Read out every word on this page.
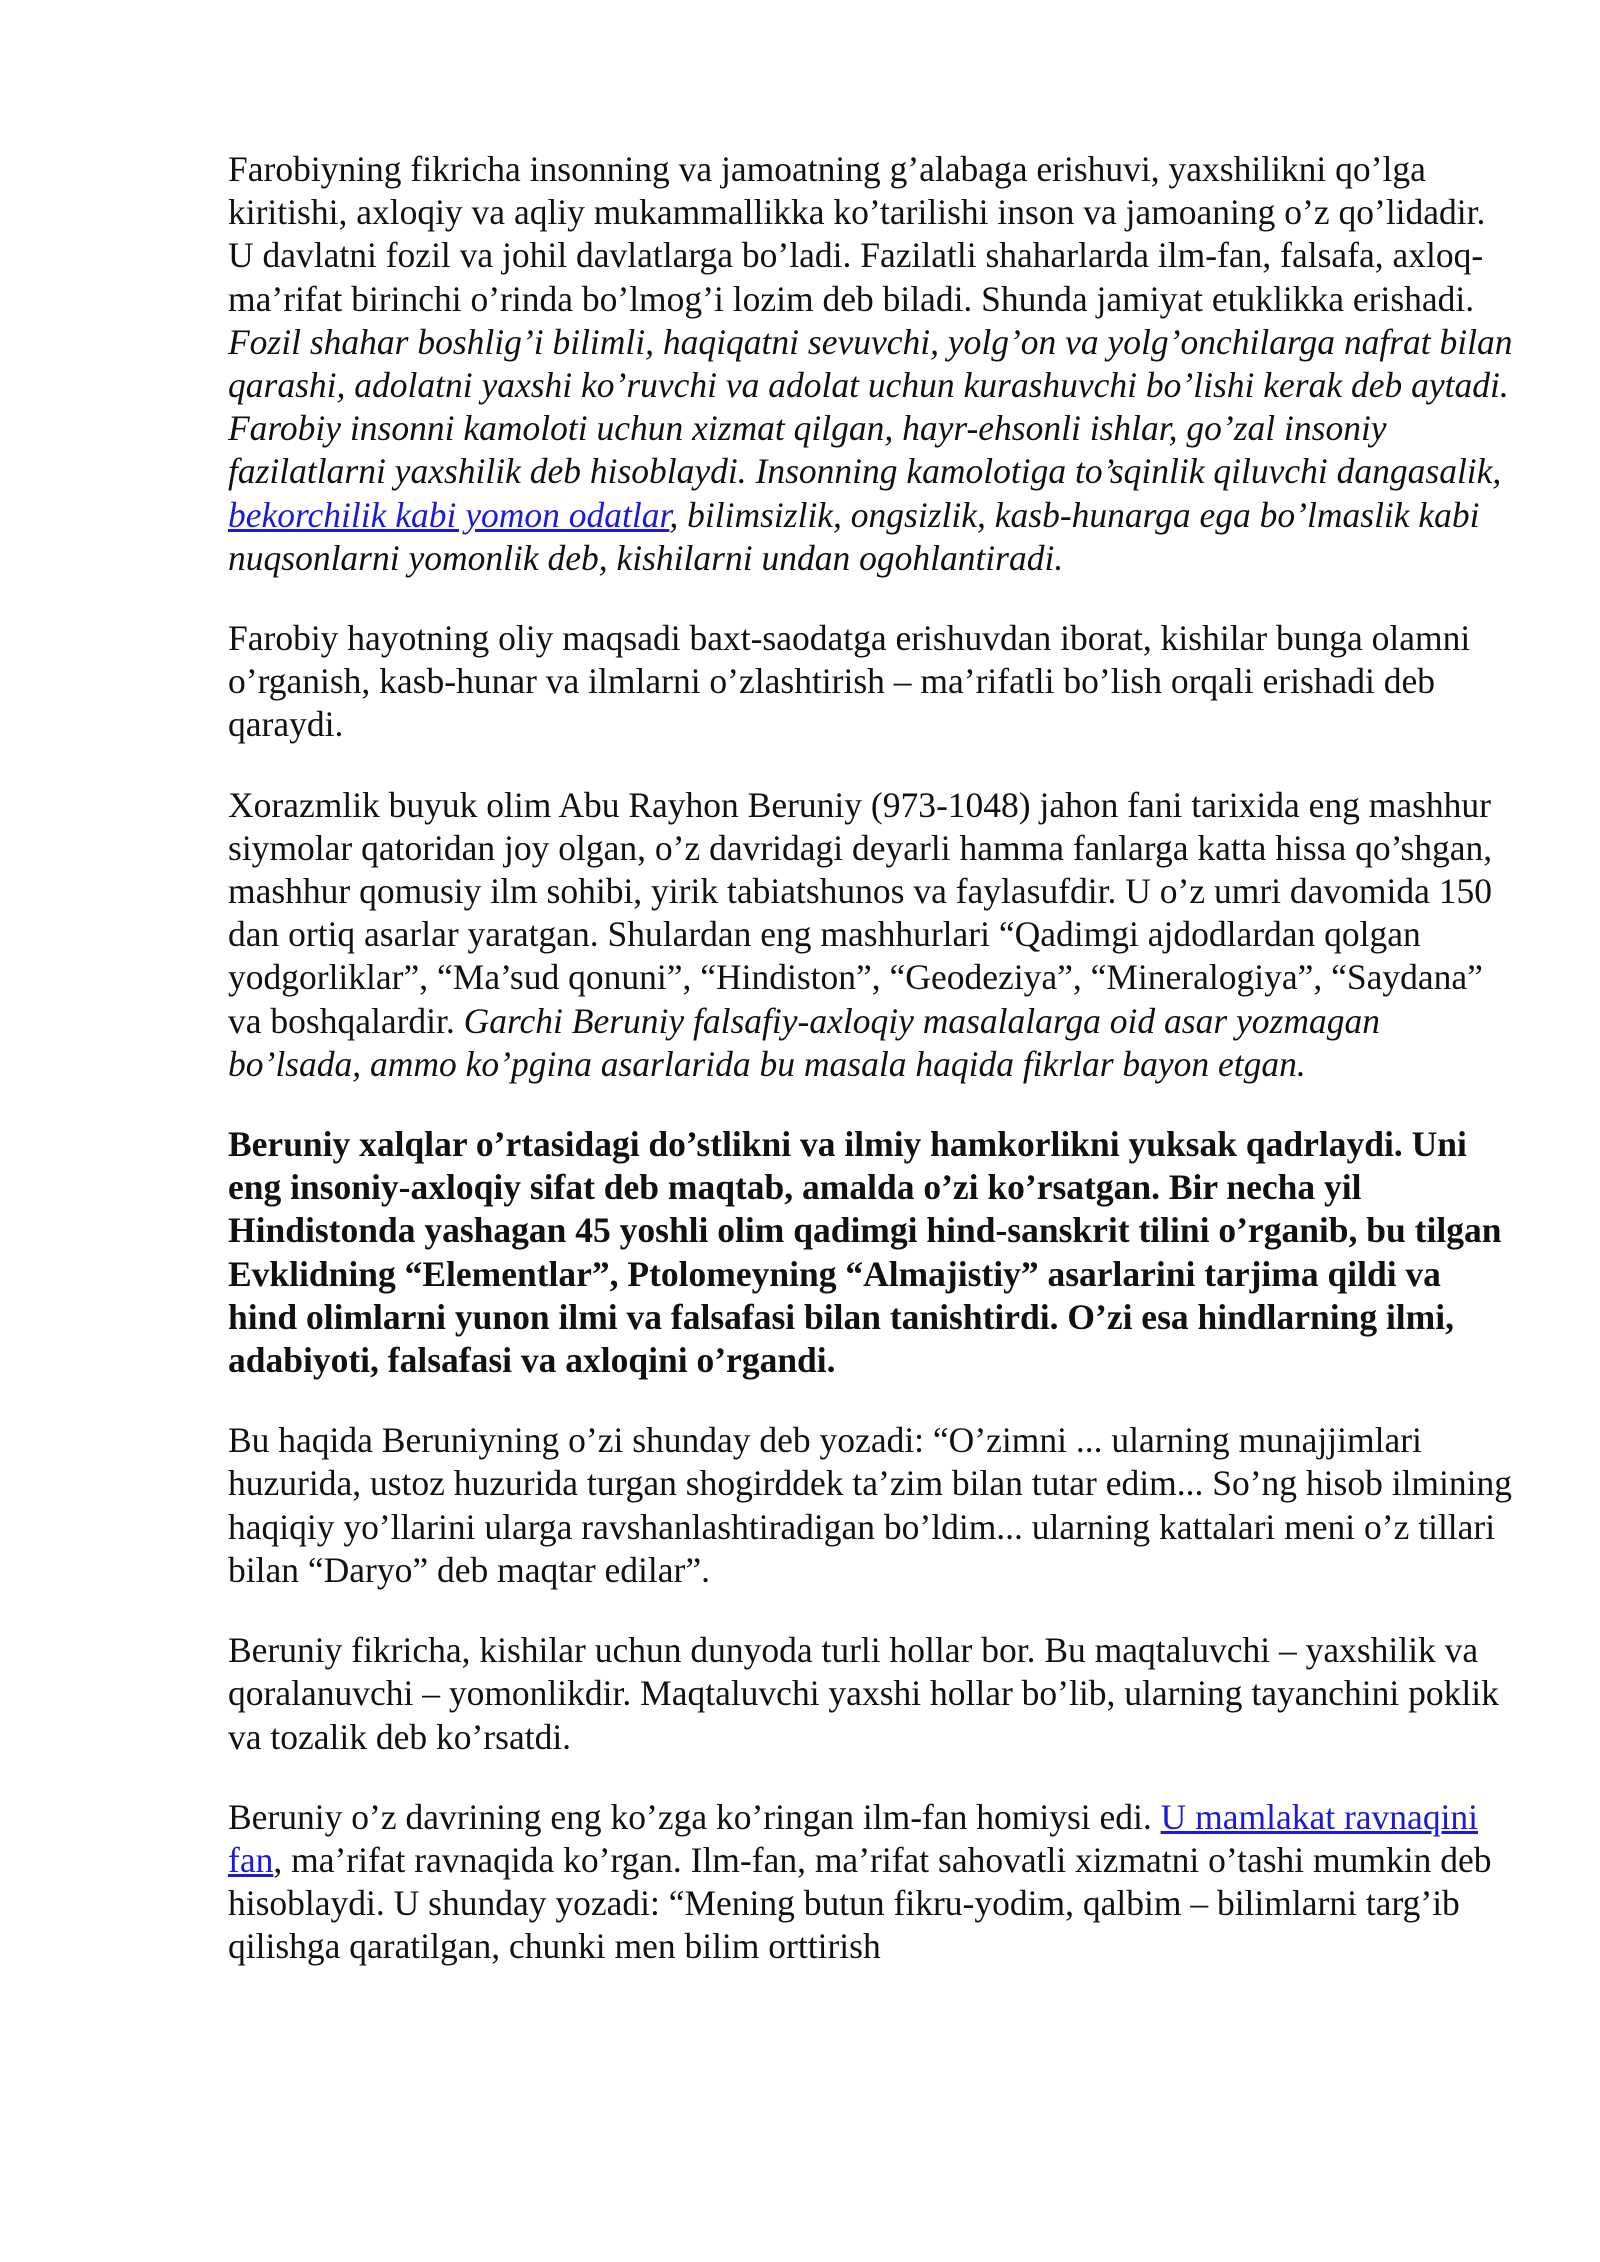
Farobiyning fikricha insonning va jamoatning g’alabaga erishuvi, yaxshilikni qo’lga kiritishi, axloqiy va aqliy mukammallikka ko’tarilishi inson va jamoaning o’z qo’lidadir. U davlatni fozil va johil davlatlarga bo’ladi. Fazilatli shaharlarda ilm-fan, falsafa, axloq-ma’rifat birinchi o’rinda bo’lmog’i lozim deb biladi. Shunda jamiyat etuklikka erishadi. Fozil shahar boshlig’i bilimli, haqiqatni sevuvchi, yolg’on va yolg’onchilarga nafrat bilan qarashi, adolatni yaxshi ko’ruvchi va adolat uchun kurashuvchi bo’lishi kerak deb aytadi. Farobiy insonni kamoloti uchun xizmat qilgan, hayr-ehsonli ishlar, go’zal insoniy fazilatlarni yaxshilik deb hisoblaydi. Insonning kamolotiga to’sqinlik qiluvchi dangasalik, bekorchilik kabi yomon odatlar, bilimsizlik, ongsizlik, kasb-hunarga ega bo’lmaslik kabi nuqsonlarni yomonlik deb, kishilarni undan ogohlantiradi.

Farobiy hayotning oliy maqsadi baxt-saodatga erishuvdan iborat, kishilar bunga olamni o’rganish, kasb-hunar va ilmlarni o’zlashtirish – ma’rifatli bo’lish orqali erishadi deb qaraydi.

Xorazmlik buyuk olim Abu Rayhon Beruniy (973-1048) jahon fani tarixida eng mashhur siymolar qatoridan joy olgan, o’z davridagi deyarli hamma fanlarga katta hissa qo’shgan, mashhur qomusiy ilm sohibi, yirik tabiatshunos va faylasufdir. U o’z umri davomida 150 dan ortiq asarlar yaratgan. Shulardan eng mashhurlari “Qadimgi ajdodlardan qolgan yodgorliklar”, “Ma’sud qonuni”, “Hindiston”, “Geodeziya”, “Mineralogiya”, “Saydana” va boshqalardir. Garchi Beruniy falsafiy-axloqiy masalalarga oid asar yozmagan bo’lsada, ammo ko’pgina asarlarida bu masala haqida fikrlar bayon etgan.

Beruniy xalqlar o’rtasidagi do’stlikni va ilmiy hamkorlikni yuksak qadrlaydi. Uni eng insoniy-axloqiy sifat deb maqtab, amalda o’zi ko’rsatgan. Bir necha yil Hindistonda yashagan 45 yoshli olim qadimgi hind-sanskrit tilini o’rganib, bu tilgan Evklidning “Elementlar”, Ptolomeyning “Almajistiy” asarlarini tarjima qildi va hind olimlarni yunon ilmi va falsafasi bilan tanishtirdi. O’zi esa hindlarning ilmi, adabiyoti, falsafasi va axloqini o’rgandi.

Bu haqida Beruniyning o’zi shunday deb yozadi: “O’zimni ... ularning munajjimlari huzurida, ustoz huzurida turgan shogirddek ta’zim bilan tutar edim... So’ng hisob ilmining haqiqiy yo’llarini ularga ravshanlashtiradigan bo’ldim... ularning kattalari meni o’z tillari bilan “Daryo” deb maqtar edilar”.

Beruniy fikricha, kishilar uchun dunyoda turli hollar bor. Bu maqtaluvchi – yaxshilik va qoralanuvchi – yomonlikdir. Maqtaluvchi yaxshi hollar bo’lib, ularning tayanchini poklik va tozalik deb ko’rsatdi.

Beruniy o’z davrining eng ko’zga ko’ringan ilm-fan homiysi edi. U mamlakat ravnaqini fan, ma’rifat ravnaqida ko’rgan. Ilm-fan, ma’rifat sahovatli xizmatni o’tashi mumkin deb hisoblaydi. U shunday yozadi: “Mening butun fikru-yodim, qalbim – bilimlarni targ’ib qilishga qaratilgan, chunki men bilim orttirish
